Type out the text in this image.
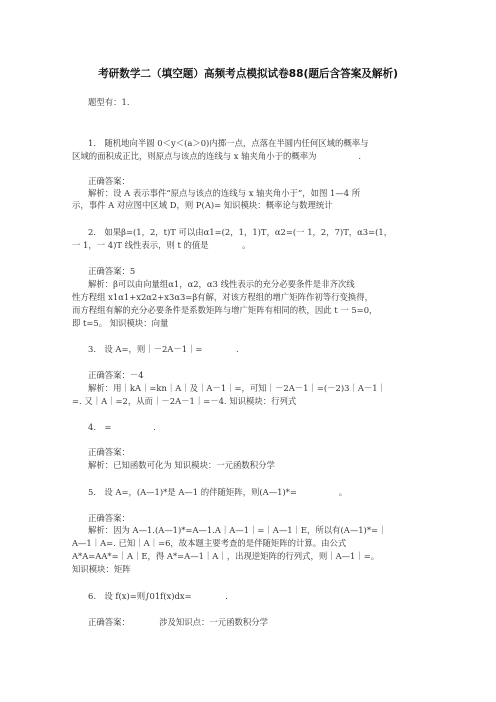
考研数学二（填空题）高频考点模拟试卷88(题后含答案及解析)
题型有：1.
1.　随机地向半圆 0＜y＜(a＞0)内掷一点，点落在半圆内任何区域的概率与
区域的面积成正比，则原点与该点的连线与 x 轴夹角小于的概率为　　　　　.
正确答案：
解析：设 A 表示事件“原点与该点的连线与 x 轴夹角小于”，如图 1—4 所
示，事件 A 对应图中区域 D，则 P(A)= 知识模块：概率论与数理统计
2.　如果β=(1，2，t)T 可以由α1=(2，1，1)T，α2=(一 1，2，7)T，α3=(1，
一 1，一 4)T 线性表示，则 t 的值是　　　　。
正确答案：5
解析：β可以由向量组α1，α2，α3 线性表示的充分必要条件是非齐次线
性方程组 x1α1+x2α2+x3α3=β有解，对该方程组的增广矩阵作初等行变换得，
而方程组有解的充分必要条件是系数矩阵与增广矩阵有相同的秩，因此 t 一 5=0，
即 t=5。 知识模块：向量
3.　设 A=，则｜－2A－1｜=　　　　.
正确答案：－4
解析：用｜kA｜=kn｜A｜及｜A－1｜=，可知｜－2A－1｜=(－2)3｜A－1｜
=. 又｜A｜=2，从而｜－2A－1｜=－4. 知识模块：行列式
4.　=　　　　　.
正确答案：
解析：已知函数可化为 知识模块：一元函数积分学
5.　设 A=，(A—1)*是 A—1 的伴随矩阵，则(A—1)*=　　　　　。
正确答案：
解析：因为 A—1.(A—1)*=A—1.A｜A—1｜=｜A—1｜E，所以有(A—1)*=｜
A—1｜A=. 已知｜A｜=6，故本题主要考查的是伴随矩阵的计算。由公式
A*A=AA*=｜A｜E，得 A*=A—1｜A｜，出现逆矩阵的行列式，则｜A—1｜=。
知识模块：矩阵
6.　设 f(x)=则∫01f(x)dx=　　　　.
正确答案：　　　　涉及知识点：一元函数积分学
